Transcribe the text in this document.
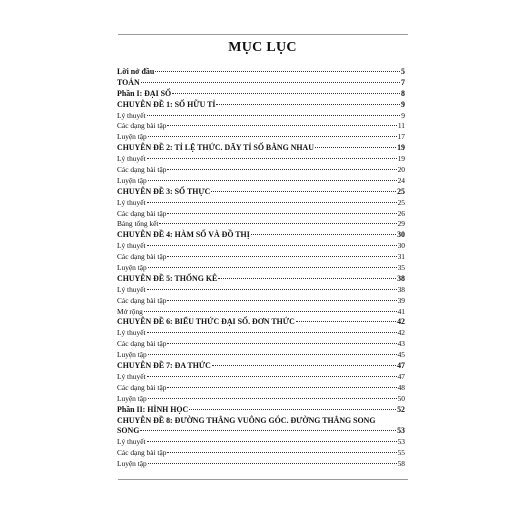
MỤC LỤC
Lời nở đầu	5
TOÁN	7
Phần I: ĐẠI SỐ	8
CHUYÊN ĐỀ 1: SỐ HỮU TỈ	9
Lý thuyết	9
Các dạng bài tập	11
Luyện tập	17
CHUYÊN ĐỀ 2: TỈ LỆ THỨC. DÃY TỈ SỐ BẰNG NHAU	19
Lý thuyết	19
Các dạng bài tập	20
Luyện tập	24
CHUYÊN ĐỀ 3: SỐ THỰC	25
Lý thuyết	25
Các dạng bài tập	26
Bảng tổng kết	29
CHUYÊN ĐỀ 4: HÀM SỐ VÀ ĐỒ THỊ	30
Lý thuyết	30
Các dạng bài tập	31
Luyện tập	35
CHUYÊN ĐỀ 5: THỐNG KÊ	38
Lý thuyết	38
Các dạng bài tập	39
Mở rộng	41
CHUYÊN ĐỀ 6: BIỂU THỨC ĐẠI SỐ. ĐƠN THỨC	42
Lý thuyết	42
Các dạng bài tập	43
Luyện tập	45
CHUYÊN ĐỀ 7: ĐA THỨC	47
Lý thuyết	47
Các dạng bài tập	48
Luyện tập	50
Phần II: HÌNH HỌC	52
CHUYÊN ĐỀ 8: ĐƯỜNG THẲNG VUÔNG GÓC. ĐƯỜNG THẲNG SONG
SONG	53
Lý thuyết	53
Các dạng bài tập	55
Luyện tập	58
